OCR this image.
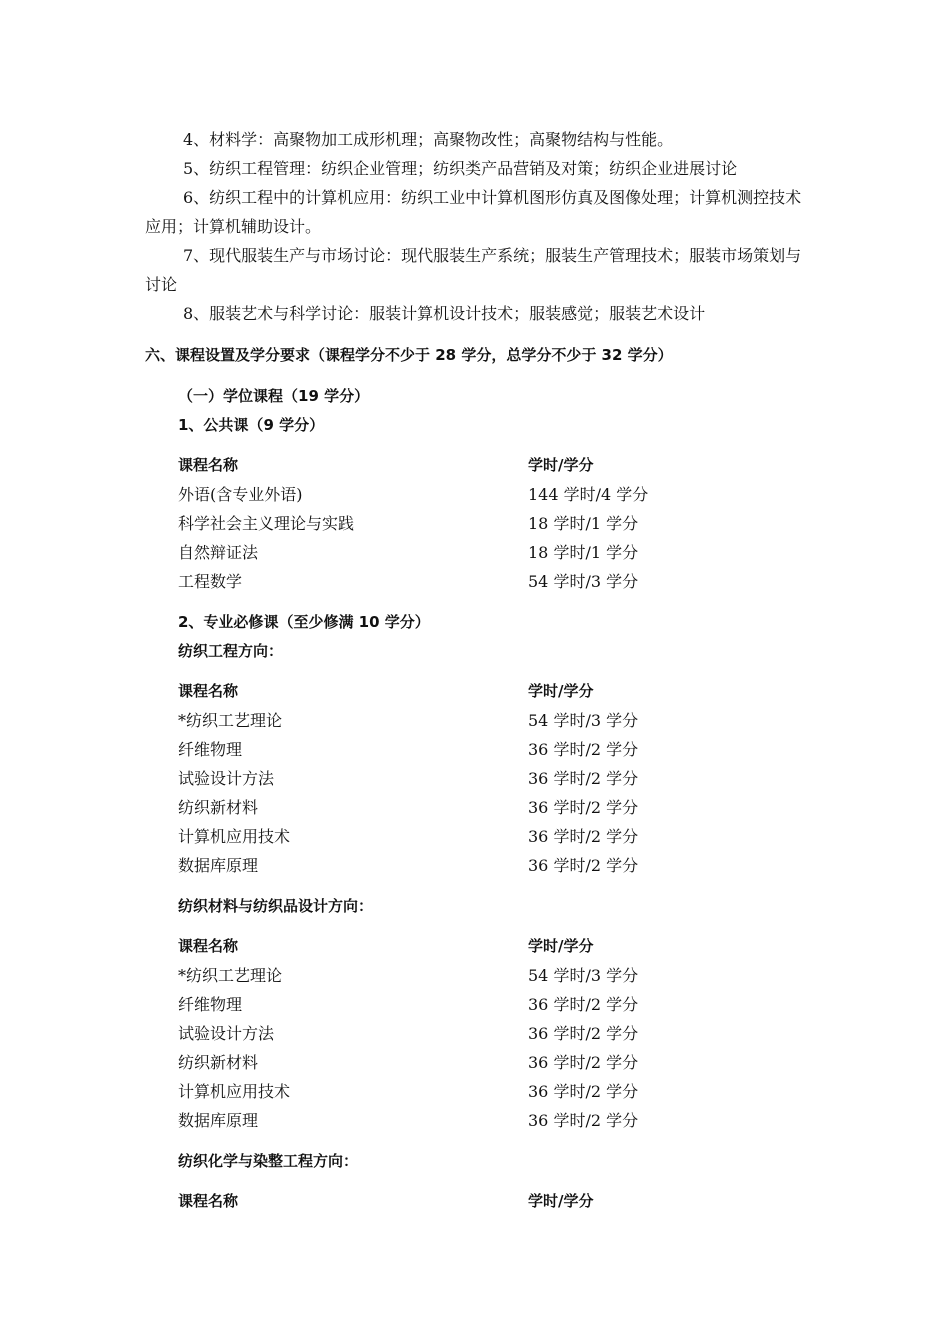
4、材料学：高聚物加工成形机理；高聚物改性；高聚物结构与性能。
5、纺织工程管理：纺织企业管理；纺织类产品营销及对策；纺织企业进展讨论
6、纺织工程中的计算机应用：纺织工业中计算机图形仿真及图像处理；计算机测控技术应用；计算机辅助设计。
7、现代服装生产与市场讨论：现代服装生产系统；服装生产管理技术；服装市场策划与讨论
8、服装艺术与科学讨论：服装计算机设计技术；服装感觉；服装艺术设计
六、课程设置及学分要求（课程学分不少于 28 学分，总学分不少于 32 学分）
（一）学位课程（19 学分）
1、公共课（9 学分）
课程名称	学时/学分
外语(含专业外语)	144 学时/4 学分
科学社会主义理论与实践	18 学时/1 学分
自然辩证法	18 学时/1 学分
工程数学	54 学时/3 学分
2、专业必修课（至少修满 10 学分）
纺织工程方向：
课程名称	学时/学分
*纺织工艺理论	54 学时/3 学分
纤维物理	36 学时/2 学分
试验设计方法	36 学时/2 学分
纺织新材料	36 学时/2 学分
计算机应用技术	36 学时/2 学分
数据库原理	36 学时/2 学分
纺织材料与纺织品设计方向：
课程名称	学时/学分
*纺织工艺理论	54 学时/3 学分
纤维物理	36 学时/2 学分
试验设计方法	36 学时/2 学分
纺织新材料	36 学时/2 学分
计算机应用技术	36 学时/2 学分
数据库原理	36 学时/2 学分
纺织化学与染整工程方向：
课程名称	学时/学分
